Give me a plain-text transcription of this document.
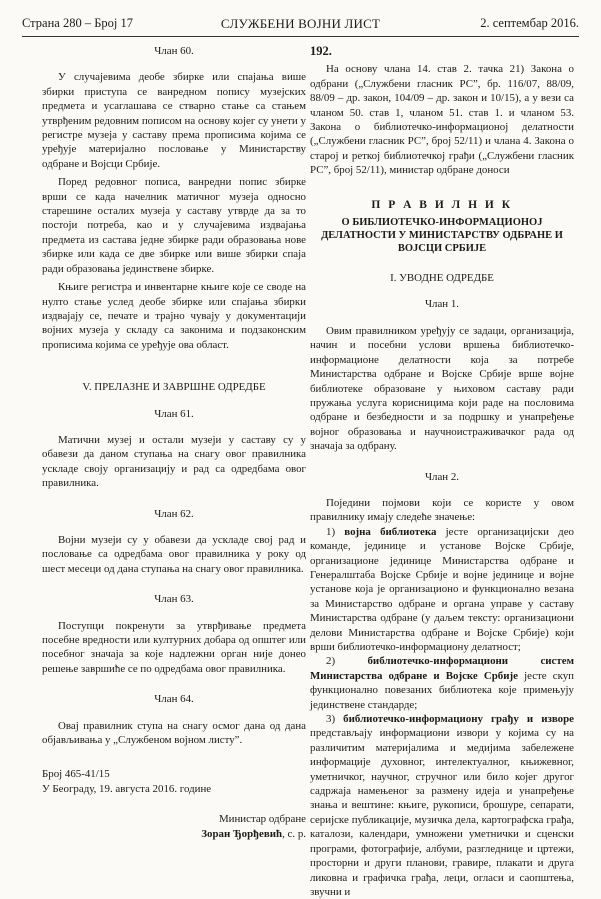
Страна 280 – Број 17	СЛУЖБЕНИ ВОЈНИ ЛИСТ	2. септембар 2016.

Члан 60.

У случајевима деобе збирке или спајања више збирки приступа се ванредном попису музејских предмета и усаглашава се стварно стање са стањем утврђеним редовним пописом на основу којег су унети у регистре музеја у саставу према прописима којима се уређује материјално пословање у Министарству одбране и Војсци Србије.

Поред редовног пописа, ванредни попис збирке врши се када начелник матичног музеја односно старешине осталих музеја у саставу утврде да за то постоји потреба, као и у случајевима издвајања предмета из састава једне збирке ради образовања нове збирке или када се две збирке или више збирки спаја ради образовања јединствене збирке.

Књиге регистра и инвентарне књиге које се своде на нулто стање услед деобе збирке или спајања збирки издвајају се, печате и трајно чувају у документацији војних музеја у складу са законима и подзаконским прописима којима се уређује ова област.

V. ПРЕЛАЗНЕ И ЗАВРШНЕ ОДРЕДБЕ

Члан 61.

Матични музеј и остали музеји у саставу су у обавези да даном ступања на снагу овог правилника ускладе своју организацију и рад са одредбама овог правилника.

Члан 62.

Војни музеји су у обавези да ускладе свој рад и пословање са одредбама овог правилника у року од шест месеци од дана ступања на снагу овог правилника.

Члан 63.

Поступци покренути за утврђивање предмета посебне вредности или културних добара од општег или посебног значаја за које надлежни орган није донео решење завршиће се по одредбама овог правилника.

Члан 64.

Овај правилник ступа на снагу осмог дана од дана објављивања у „Службеном војном листу”.

Број 465-41/15

У Београду, 19. августа 2016. године

Министар одбране

Зоран Ђорђевић, с. р.

192.

На основу члана 14. став 2. тачка 21) Закона о одбрани („Службени гласник РС”, бр. 116/07, 88/09, 88/09 – др. закон, 104/09 – др. закон и 10/15), а у вези са чланом 50. став 1, чланом 51. став 1. и чланом 53. Закона о библиотечко-информационој делатности („Службени гласник РС”, број 52/11) и члана 4. Закона о старој и реткој библиотечкој грађи („Службени гласник РС”, број 52/11), министар одбране доноси

П Р А В И Л Н И К

О БИБЛИОТЕЧКО-ИНФОРМАЦИОНОЈ ДЕЛАТНОСТИ У МИНИСТАРСТВУ ОДБРАНЕ И ВОЈСЦИ СРБИЈЕ

I. УВОДНЕ ОДРЕДБЕ

Члан 1.

Овим правилником уређују се задаци, организација, начин и посебни услови вршења библиотечко-информационе делатности која за потребе Министарства одбране и Војске Србије врше војне библиотеке образоване у њиховом саставу ради пружања услуга корисницима који раде на пословима одбране и безбедности и за подршку и унапређење војног образовања и научноистраживачког рада од значаја за одбрану.

Члан 2.

Поједини појмови који се користе у овом правилнику имају следеће значење:

1) војна библиотека јесте организацијски део команде, јединице и установе Војске Србије, организационе јединице Министарства одбране и Генералштаба Војске Србије и војне јединице и војне установе која је организационо и функционално везана за Министарство одбране и органа управе у саставу Министарства одбране (у даљем тексту: организациони делови Министарства одбране и Војске Србије) који врши библиотечко-информациону делатност;

2) библиотечко-информациони систем Министарства одбране и Војске Србије јесте скуп функционално повезаних библиотека које примењују јединствене стандарде;

3) библиотечко-информациону грађу и изворе представљају информациони извори у којима су на различитим материјалима и медијима забележене информације духовног, интелектуалног, књижевног, уметничког, научног, стручног или било којег другог садржаја намењеног за размену идеја и унапређење знања и вештине: књиге, рукописи, брошуре, сепарати, серијске публикације, музичка дела, картографска грађа, каталози, календари, умножени уметнички и сценски програми, фотографије, албуми, разгледнице и цртежи, просторни и други планови, гравире, плакати и друга ликовна и графичка грађа, леци, огласи и саопштења, звучни и
